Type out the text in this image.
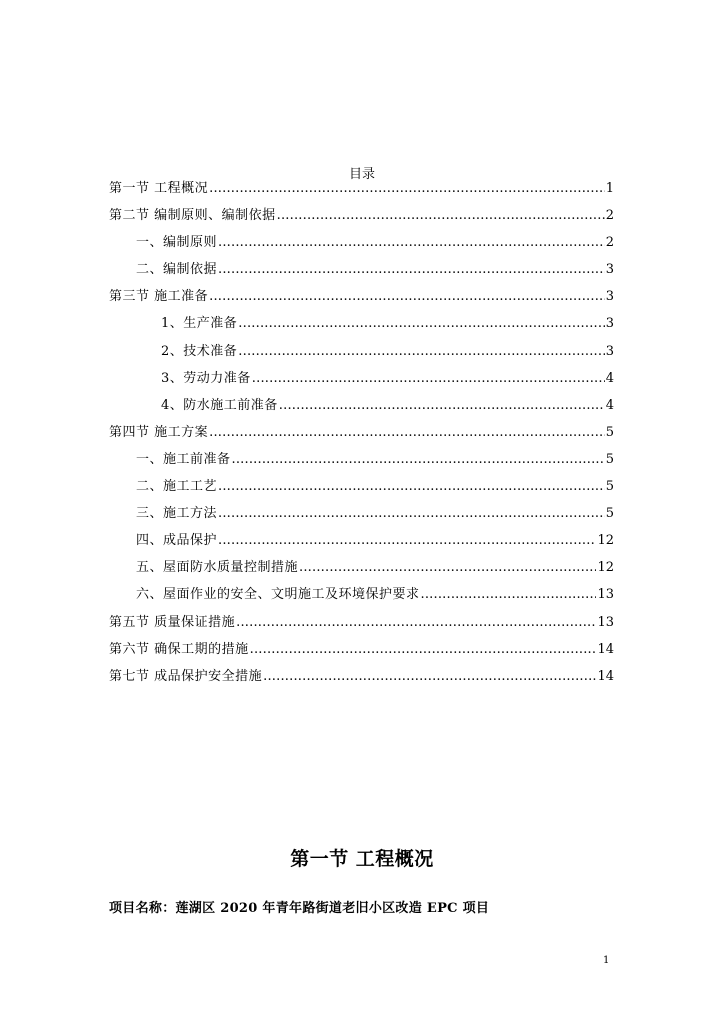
目录
第一节 工程概况 .....	1
第二节 编制原则、编制依据 .....	2
一、编制原则 .....	2
二、编制依据 .....	3
第三节 施工准备 .....	3
1、生产准备 .....	3
2、技术准备 .....	3
3、劳动力准备 .....	4
4、防水施工前准备 .....	4
第四节 施工方案 .....	5
一、施工前准备 .....	5
二、施工工艺 .....	5
三、施工方法 .....	5
四、成品保护 .....	12
五、屋面防水质量控制措施 .....	12
六、屋面作业的安全、文明施工及环境保护要求 .....	13
第五节 质量保证措施 .....	13
第六节 确保工期的措施 .....	14
第七节 成品保护安全措施 .....	14
第一节 工程概况
项目名称：莲湖区 2020 年青年路街道老旧小区改造 EPC 项目
1
